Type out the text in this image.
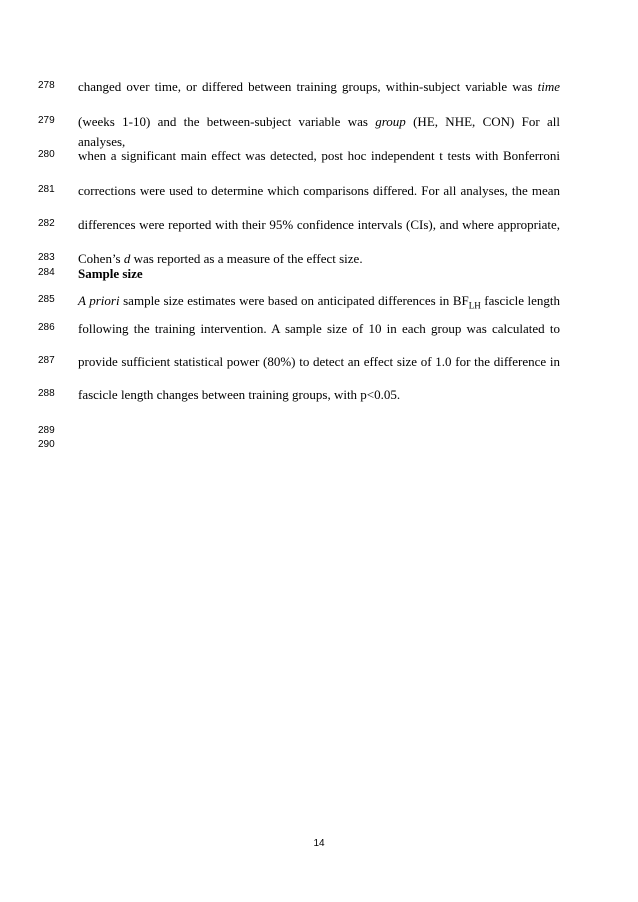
278 changed over time, or differed between training groups, within-subject variable was time
279 (weeks 1-10) and the between-subject variable was group (HE, NHE, CON) For all analyses,
280 when a significant main effect was detected, post hoc independent t tests with Bonferroni
281 corrections were used to determine which comparisons differed. For all analyses, the mean
282 differences were reported with their 95% confidence intervals (CIs), and where appropriate,
283 Cohen’s d was reported as a measure of the effect size.
284 Sample size
285 A priori sample size estimates were based on anticipated differences in $BF_{LH}$ fascicle length
286 following the training intervention. A sample size of 10 in each group was calculated to
287 provide sufficient statistical power (80%) to detect an effect size of 1.0 for the difference in
288 fascicle length changes between training groups, with p<0.05.
289
290
14
